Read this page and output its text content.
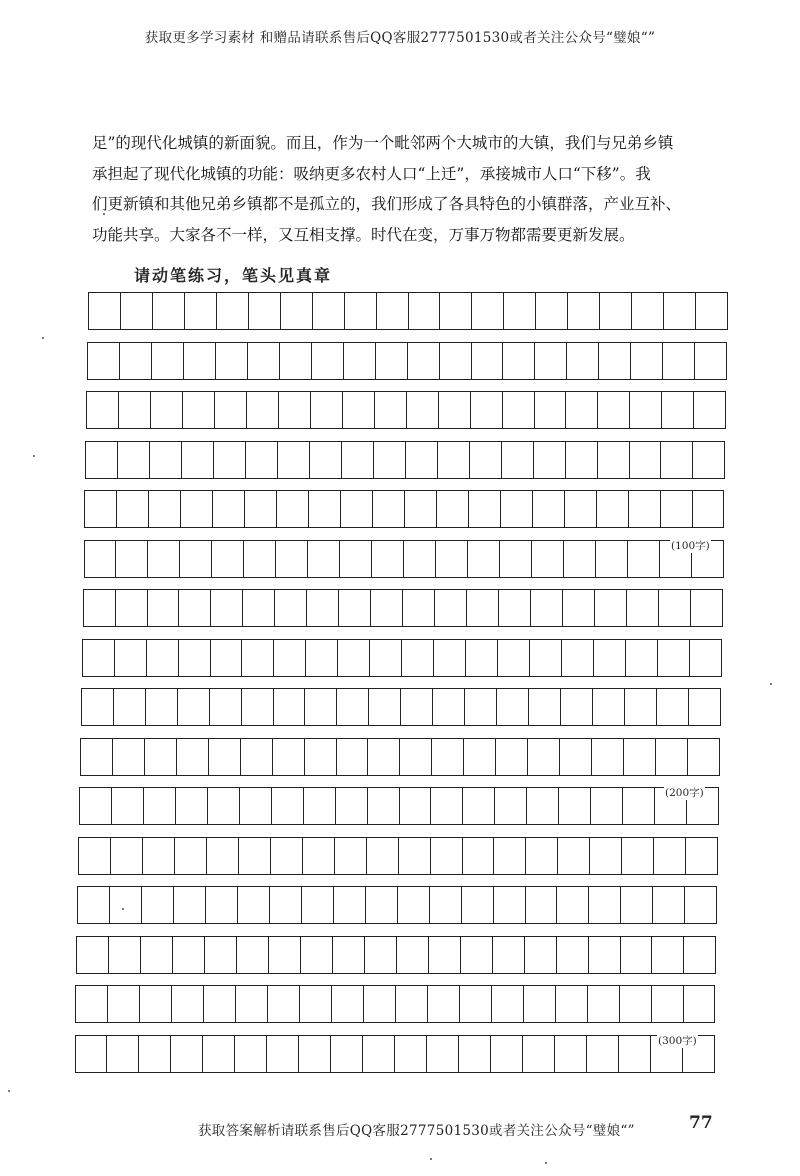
获取更多学习素材 和赠品请联系售后QQ客服2777501530或者关注公众号“璧娘“”

足”的现代化城镇的新面貌。而且，作为一个毗邻两个大城市的大镇，我们与兄弟乡镇

承担起了现代化城镇的功能：吸纳更多农村人口“上迁”，承接城市人口“下移”。我

们更新镇和其他兄弟乡镇都不是孤立的，我们形成了各具特色的小镇群落，产业互补、

功能共享。大家各不一样，又互相支撑。时代在变，万事万物都需要更新发展。

请动笔练习，笔头见真章
(100字)
(200字)
(300字)
获取答案解析请联系售后QQ客服2777501530或者关注公众号“璧娘“”	77
